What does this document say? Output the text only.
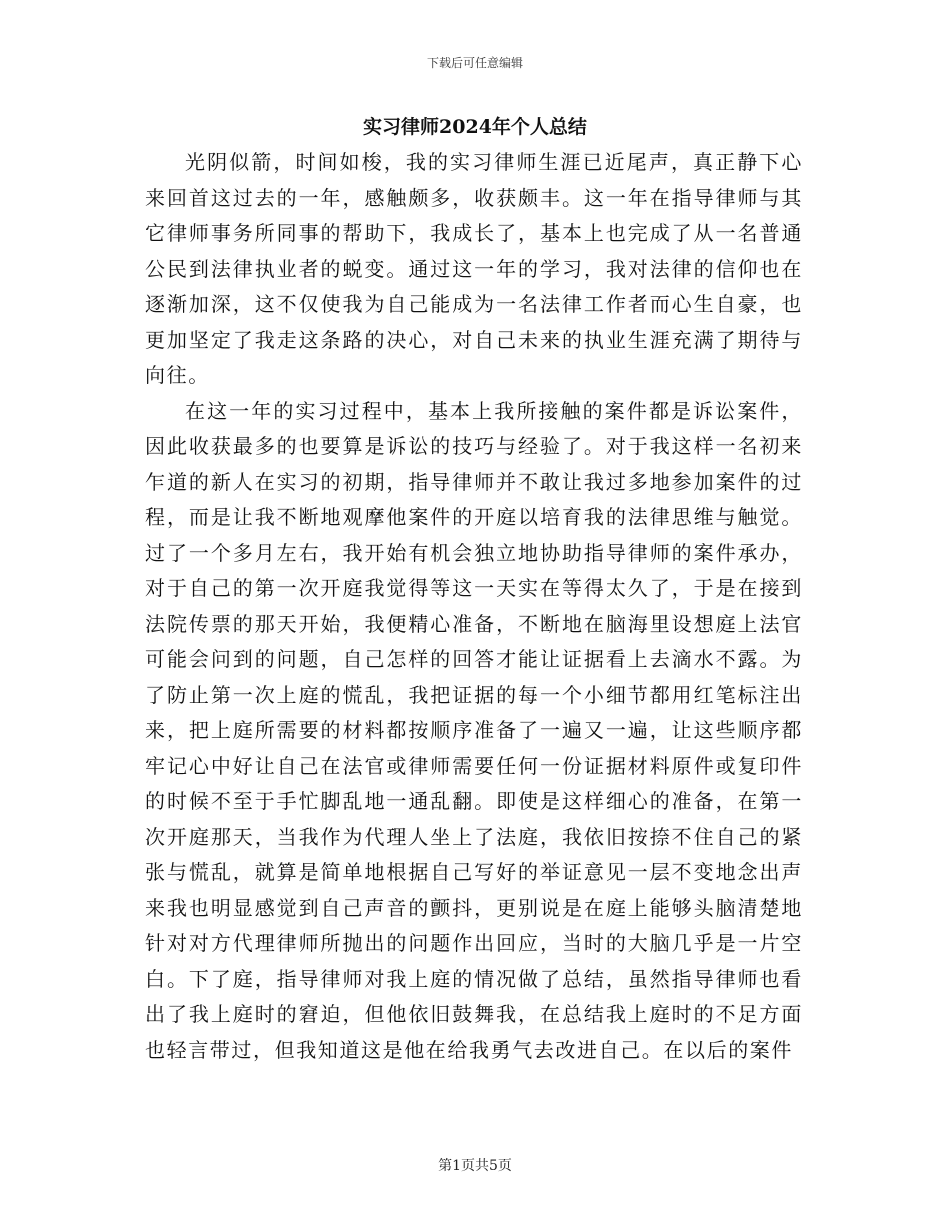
下载后可任意编辑
实习律师2024年个人总结

光阴似箭，时间如梭，我的实习律师生涯已近尾声，真正静下心来回首这过去的一年，感触颇多，收获颇丰。这一年在指导律师与其它律师事务所同事的帮助下，我成长了，基本上也完成了从一名普通公民到法律执业者的蜕变。通过这一年的学习，我对法律的信仰也在逐渐加深，这不仅使我为自己能成为一名法律工作者而心生自豪，也更加坚定了我走这条路的决心，对自己未来的执业生涯充满了期待与向往。

在这一年的实习过程中，基本上我所接触的案件都是诉讼案件，因此收获最多的也要算是诉讼的技巧与经验了。对于我这样一名初来乍道的新人在实习的初期，指导律师并不敢让我过多地参加案件的过程，而是让我不断地观摩他案件的开庭以培育我的法律思维与触觉。过了一个多月左右，我开始有机会独立地协助指导律师的案件承办，对于自己的第一次开庭我觉得等这一天实在等得太久了，于是在接到法院传票的那天开始，我便精心准备，不断地在脑海里设想庭上法官可能会问到的问题，自己怎样的回答才能让证据看上去滴水不露。为了防止第一次上庭的慌乱，我把证据的每一个小细节都用红笔标注出来，把上庭所需要的材料都按顺序准备了一遍又一遍，让这些顺序都牢记心中好让自己在法官或律师需要任何一份证据材料原件或复印件的时候不至于手忙脚乱地一通乱翻。即使是这样细心的准备，在第一次开庭那天，当我作为代理人坐上了法庭，我依旧按捺不住自己的紧张与慌乱，就算是简单地根据自己写好的举证意见一层不变地念出声来我也明显感觉到自己声音的颤抖，更别说是在庭上能够头脑清楚地针对对方代理律师所抛出的问题作出回应，当时的大脑几乎是一片空白。下了庭，指导律师对我上庭的情况做了总结，虽然指导律师也看出了我上庭时的窘迫，但他依旧鼓舞我，在总结我上庭时的不足方面也轻言带过，但我知道这是他在给我勇气去改进自己。在以后的案件

第1页共5页
